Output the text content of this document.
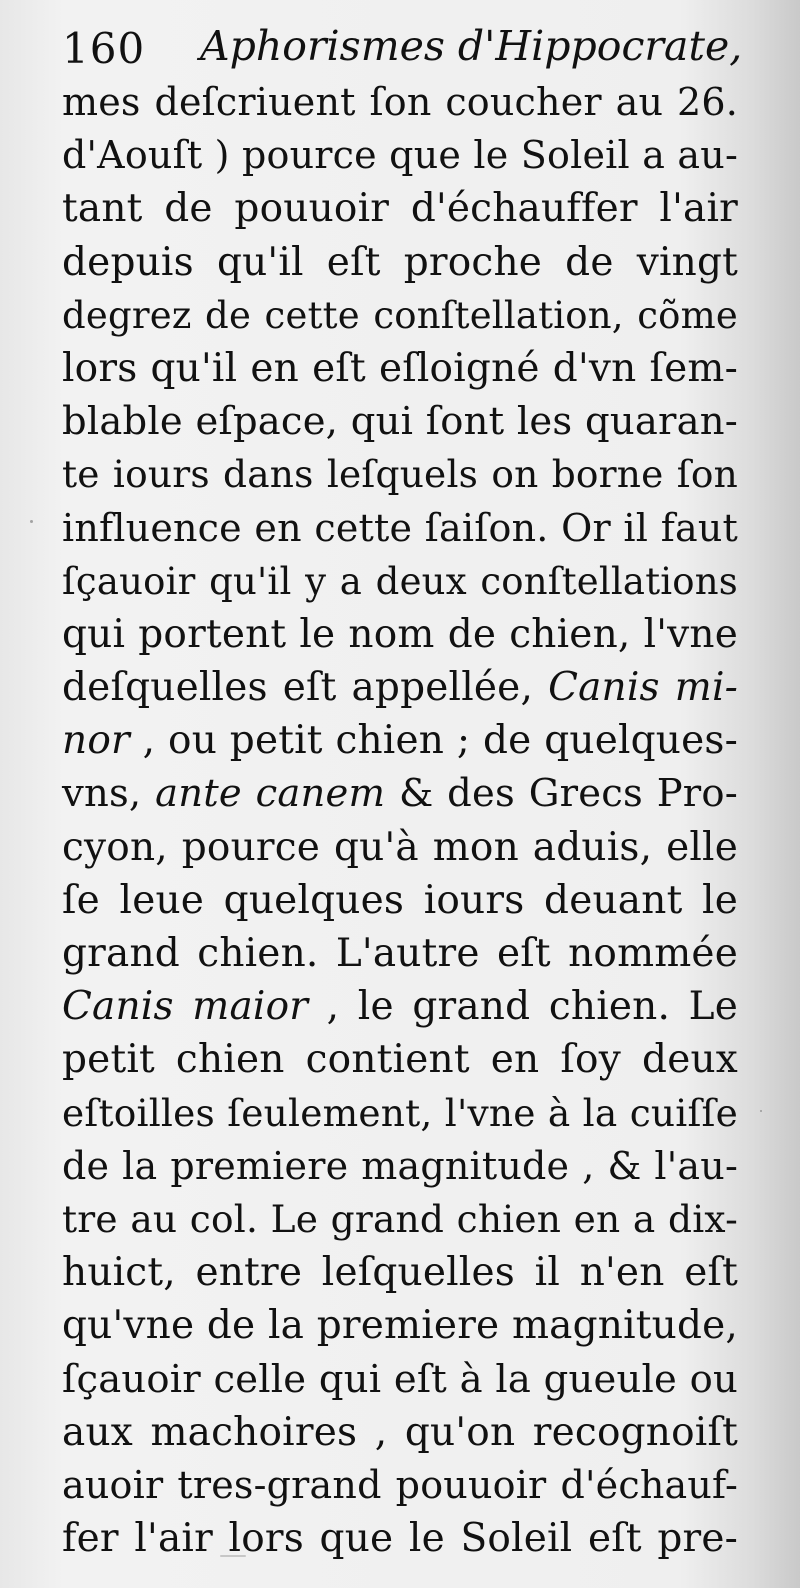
160 Aphorismes d'Hippocrate,
mes deſcriuent ſon coucher au 26.
d'Aouſt ) pource que le Soleil a au-
tant de pouuoir d'échauffer l'air
depuis qu'il eſt proche de vingt
degrez de cette conſtellation, cõme
lors qu'il en eſt eſloigné d'vn ſem-
blable eſpace, qui ſont les quaran-
te iours dans leſquels on borne ſon
influence en cette ſaiſon. Or il faut
ſçauoir qu'il y a deux conſtellations
qui portent le nom de chien, l'vne
deſquelles eſt appellée, Canis mi-
nor , ou petit chien ; de quelques-
vns, ante canem & des Grecs Pro-
cyon, pource qu'à mon aduis, elle
ſe leue quelques iours deuant le
grand chien. L'autre eſt nommée
Canis maior , le grand chien. Le
petit chien contient en ſoy deux
eſtoilles ſeulement, l'vne à la cuiſſe
de la premiere magnitude , & l'au-
tre au col. Le grand chien en a dix-
huict, entre leſquelles il n'en eſt
qu'vne de la premiere magnitude,
ſçauoir celle qui eſt à la gueule ou
aux machoires , qu'on recognoiſt
auoir tres-grand pouuoir d'échauf-
fer l'air lors que le Soleil eſt pre-
